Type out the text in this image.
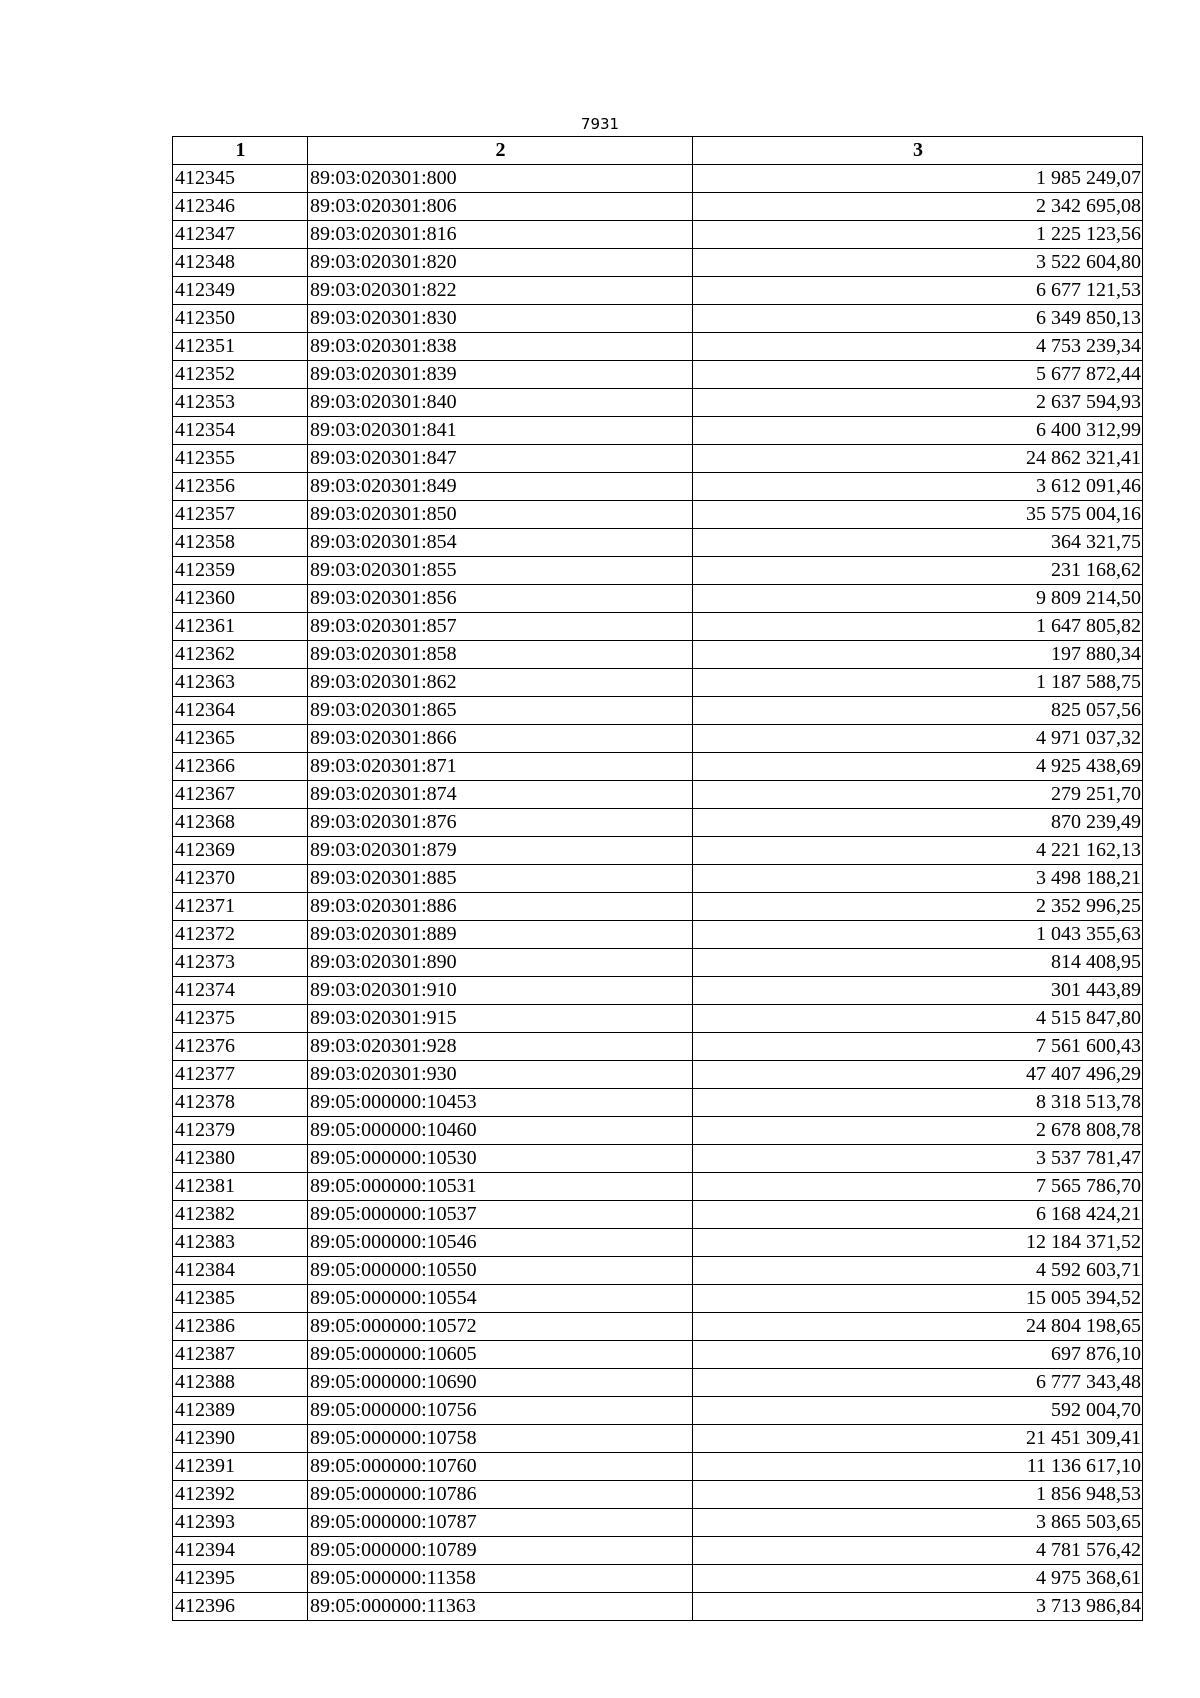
7931
1	2	3
412345	89:03:020301:800	1 985 249,07
412346	89:03:020301:806	2 342 695,08
412347	89:03:020301:816	1 225 123,56
412348	89:03:020301:820	3 522 604,80
412349	89:03:020301:822	6 677 121,53
412350	89:03:020301:830	6 349 850,13
412351	89:03:020301:838	4 753 239,34
412352	89:03:020301:839	5 677 872,44
412353	89:03:020301:840	2 637 594,93
412354	89:03:020301:841	6 400 312,99
412355	89:03:020301:847	24 862 321,41
412356	89:03:020301:849	3 612 091,46
412357	89:03:020301:850	35 575 004,16
412358	89:03:020301:854	364 321,75
412359	89:03:020301:855	231 168,62
412360	89:03:020301:856	9 809 214,50
412361	89:03:020301:857	1 647 805,82
412362	89:03:020301:858	197 880,34
412363	89:03:020301:862	1 187 588,75
412364	89:03:020301:865	825 057,56
412365	89:03:020301:866	4 971 037,32
412366	89:03:020301:871	4 925 438,69
412367	89:03:020301:874	279 251,70
412368	89:03:020301:876	870 239,49
412369	89:03:020301:879	4 221 162,13
412370	89:03:020301:885	3 498 188,21
412371	89:03:020301:886	2 352 996,25
412372	89:03:020301:889	1 043 355,63
412373	89:03:020301:890	814 408,95
412374	89:03:020301:910	301 443,89
412375	89:03:020301:915	4 515 847,80
412376	89:03:020301:928	7 561 600,43
412377	89:03:020301:930	47 407 496,29
412378	89:05:000000:10453	8 318 513,78
412379	89:05:000000:10460	2 678 808,78
412380	89:05:000000:10530	3 537 781,47
412381	89:05:000000:10531	7 565 786,70
412382	89:05:000000:10537	6 168 424,21
412383	89:05:000000:10546	12 184 371,52
412384	89:05:000000:10550	4 592 603,71
412385	89:05:000000:10554	15 005 394,52
412386	89:05:000000:10572	24 804 198,65
412387	89:05:000000:10605	697 876,10
412388	89:05:000000:10690	6 777 343,48
412389	89:05:000000:10756	592 004,70
412390	89:05:000000:10758	21 451 309,41
412391	89:05:000000:10760	11 136 617,10
412392	89:05:000000:10786	1 856 948,53
412393	89:05:000000:10787	3 865 503,65
412394	89:05:000000:10789	4 781 576,42
412395	89:05:000000:11358	4 975 368,61
412396	89:05:000000:11363	3 713 986,84
